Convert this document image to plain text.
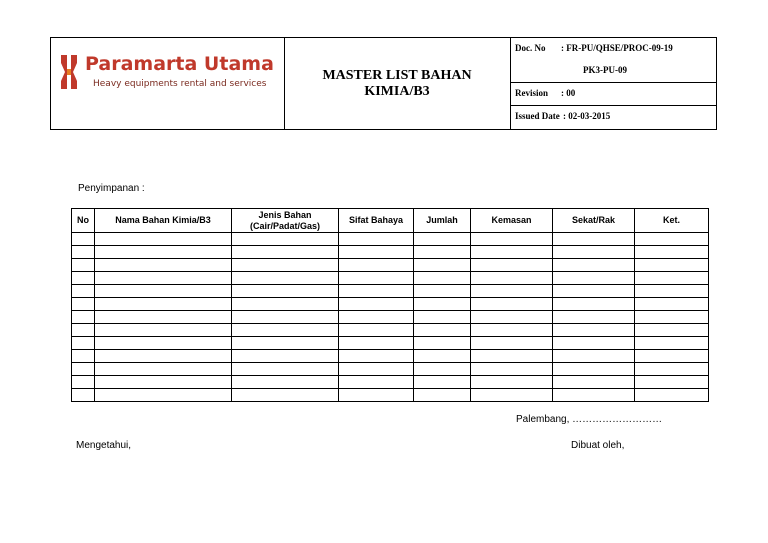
Paramarta Utama
Heavy equipments rental and services
MASTER LIST BAHAN KIMIA/B3
Doc. No : FR-PU/QHSE/PROC-09-19
PK3-PU-09
Revision : 00
Issued Date : 02-03-2015
Penyimpanan :
No	Nama Bahan Kimia/B3	Jenis Bahan (Cair/Padat/Gas)	Sifat Bahaya	Jumlah	Kemasan	Sekat/Rak	Ket.

Palembang, ………………………
Mengetahui,	Dibuat oleh,
